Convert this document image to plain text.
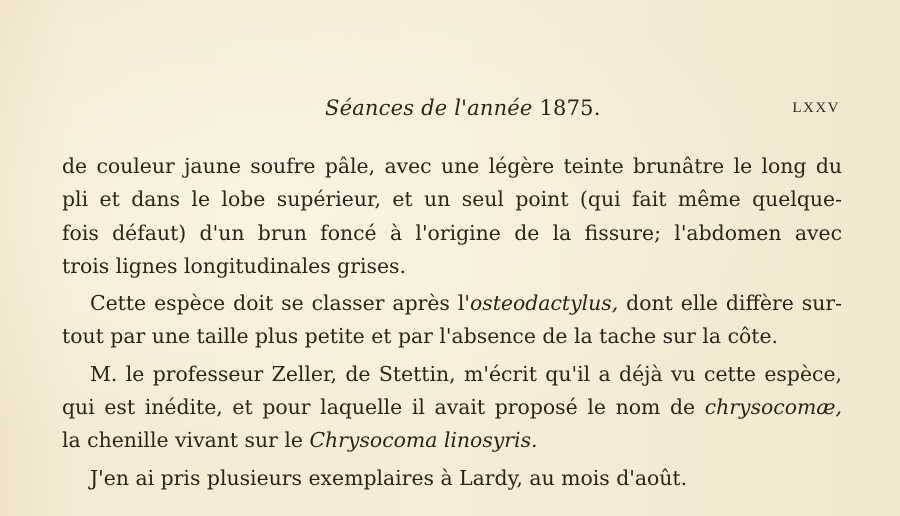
Séances de l'année 1875.	LXXV
de couleur jaune soufre pâle, avec une légère teinte brunâtre le long du
pli et dans le lobe supérieur, et un seul point (qui fait même quelque-
fois défaut) d'un brun foncé à l'origine de la fissure; l'abdomen avec
trois lignes longitudinales grises.
Cette espèce doit se classer après l'osteodactylus, dont elle diffère sur-
tout par une taille plus petite et par l'absence de la tache sur la côte.
M. le professeur Zeller, de Stettin, m'écrit qu'il a déjà vu cette espèce,
qui est inédite, et pour laquelle il avait proposé le nom de chrysocomæ,
la chenille vivant sur le Chrysocoma linosyris.
J'en ai pris plusieurs exemplaires à Lardy, au mois d'août.
